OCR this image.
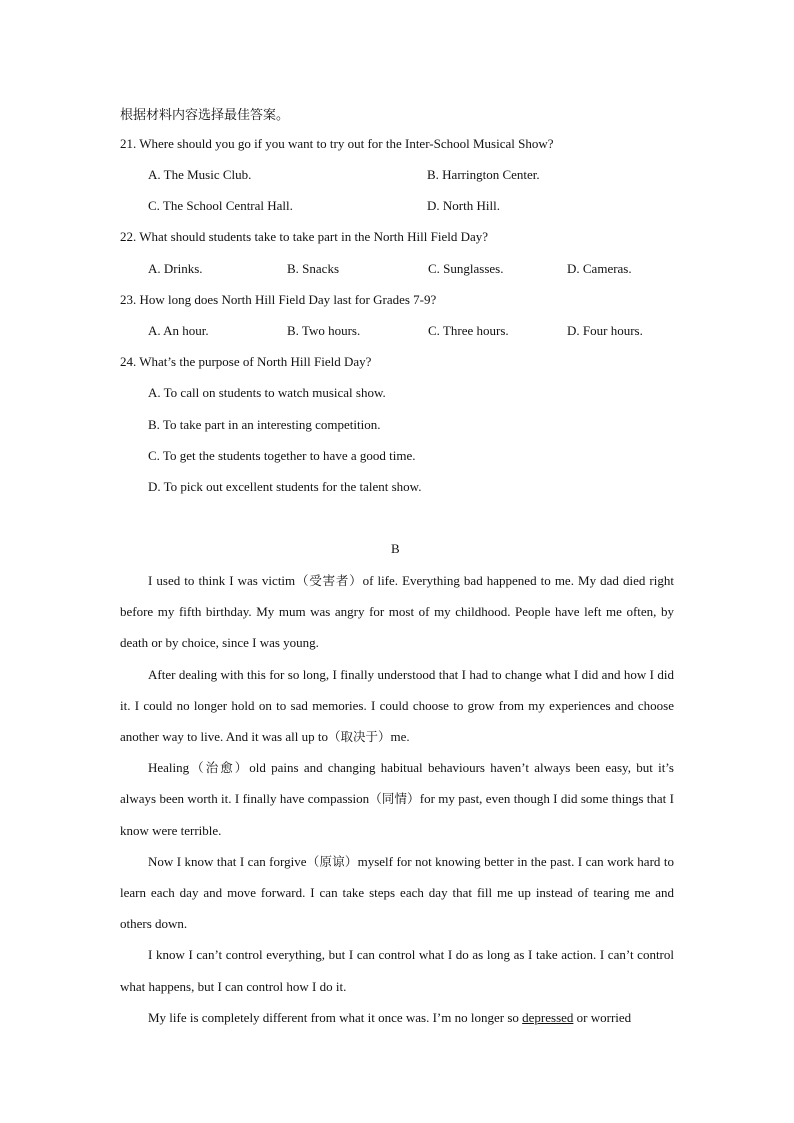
根据材料内容选择最佳答案。
21. Where should you go if you want to try out for the Inter-School Musical Show?
A. The Music Club.	B. Harrington Center.
C. The School Central Hall.	D. North Hill.
22. What should students take to take part in the North Hill Field Day?
A. Drinks.	B. Snacks	C. Sunglasses.	D. Cameras.
23. How long does North Hill Field Day last for Grades 7-9?
A. An hour.	B. Two hours.	C. Three hours.	D. Four hours.
24. What’s the purpose of North Hill Field Day?
A. To call on students to watch musical show.
B. To take part in an interesting competition.
C. To get the students together to have a good time.
D. To pick out excellent students for the talent show.
B

I used to think I was victim（受害者）of life. Everything bad happened to me. My dad died right before my fifth birthday. My mum was angry for most of my childhood. People have left me often, by death or by choice, since I was young.

After dealing with this for so long, I finally understood that I had to change what I did and how I did it. I could no longer hold on to sad memories. I could choose to grow from my experiences and choose another way to live. And it was all up to（取决于）me.

Healing（治愈）old pains and changing habitual behaviours haven’t always been easy, but it’s always been worth it. I finally have compassion（同情）for my past, even though I did some things that I know were terrible.

Now I know that I can forgive（原谅）myself for not knowing better in the past. I can work hard to learn each day and move forward. I can take steps each day that fill me up instead of tearing me and others down.

I know I can’t control everything, but I can control what I do as long as I take action. I can’t control what happens, but I can control how I do it.

My life is completely different from what it once was. I’m no longer so depressed or worried
